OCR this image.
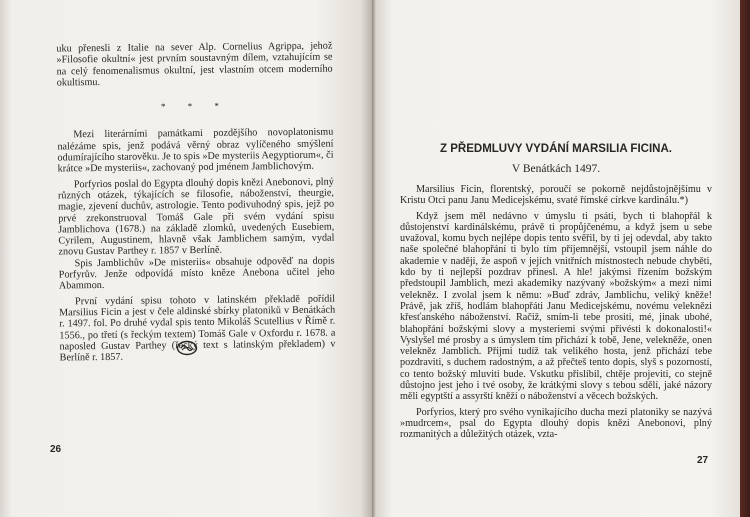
uku přenesli z Italie na sever Alp. Cornelius Agrippa, jehož »Filosofie okultní« jest prvním soustavným dílem, vztahujícím se na celý fenomenalismus okultní, jest vlastním otcem moderního okultismu.

* * *

Mezi literárními památkami pozdějšího novoplatonismu nalézáme spis, jenž podává věrný obraz vylíčeného smýšlení odumírajícího starověku. Je to spis »De mysteriis Aegyptiorum«, či krátce »De mysteriis«, zachovaný pod jménem Jamblichovým.

Porfyrios poslal do Egypta dlouhý dopis knězi Anebonovi, plný různých otázek, týkajících se filosofie, náboženství, theurgie, magie, zjevení duchův, astrologie. Tento podivuhodný spis, jejž po prvé zrekonstruoval Tomáš Gale při svém vydání spisu Jamblichova (1678.) na základě zlomků, uvedených Eusebiem, Cyrilem, Augustinem, hlavně však Jamblichem samým, vydal znovu Gustav Parthey r. 1857 v Berlíně.

Spis Jamblichův »De misteriis« obsahuje odpověď na dopis Porfyrův. Jenže odpovídá místo kněze Anebona učitel jeho Abammon.

První vydání spisu tohoto v latinském překladě pořídil Marsilius Ficin a jest v čele aldinské sbírky platoniků v Benátkách r. 1497. fol. Po druhé vydal spis tento Mikoláš Scutellius v Římě r. 1556., po třetí (s řeckým textem) Tomáš Gale v Oxfordu r. 1678. a naposled Gustav Parthey (řecký text s latinským překladem) v Berlíně r. 1857.

26
Z PŘEDMLUVY VYDÁNÍ MARSILIA FICINA.
V Benátkách 1497.

Marsilius Ficin, florentský, poroučí se pokorně nejdůstojnějšímu v Kristu Otci panu Janu Medicejskému, svaté římské církve kardinálu.*)

Když jsem měl nedávno v úmyslu ti psáti, bych ti blahopřál k důstojenství kardinálskému, právě ti propůjčenému, a když jsem u sebe uvažoval, komu bych nejlépe dopis tento svěřil, by ti jej odevdal, aby takto naše společné blahopřání ti bylo tím příjemnější, vstoupil jsem náhle do akademie v naději, že aspoň v jejích vnitřních místnostech nebude chyběti, kdo by ti nejlepší pozdrav přinesl. A hle! jakýmsi řízením božským předstoupil Jamblich, mezi akademiky nazývaný »božským« a mezi nimi velekněz. I zvolal jsem k němu: »Buď zdráv, Jamblichu, veliký kněže! Právě, jak zříš, hodlám blahopřáti Janu Medicejskému, novému veleknězi křesťanského náboženství. Račiž, smím-li tebe prositi, mé, jinak ubohé, blahopřání božskými slovy a mysteriemi svými přivésti k dokonalosti!« Vyslyšel mé prosby a s úmyslem tím přichází k tobě, Jene, velekněže, onen velekněz Jamblich. Přijmi tudíž tak velikého hosta, jenž přichází tebe pozdraviti, s duchem radostným, a až přečteš tento dopis, slyš s pozorností, co tento božský mluviti bude. Vskutku přislíbil, chtěje projeviti, co stejně důstojno jest jeho i tvé osoby, že krátkými slovy s tebou sdělí, jaké názory měli egyptští a assyrští kněží o náboženství a věcech božských.

Porfyrios, který pro svého vynikajícího ducha mezi platoniky se nazývá »mudrcem«, psal do Egypta dlouhý dopis knězi Anebonovi, plný rozmanitých a důležitých otázek, vzta-

27
